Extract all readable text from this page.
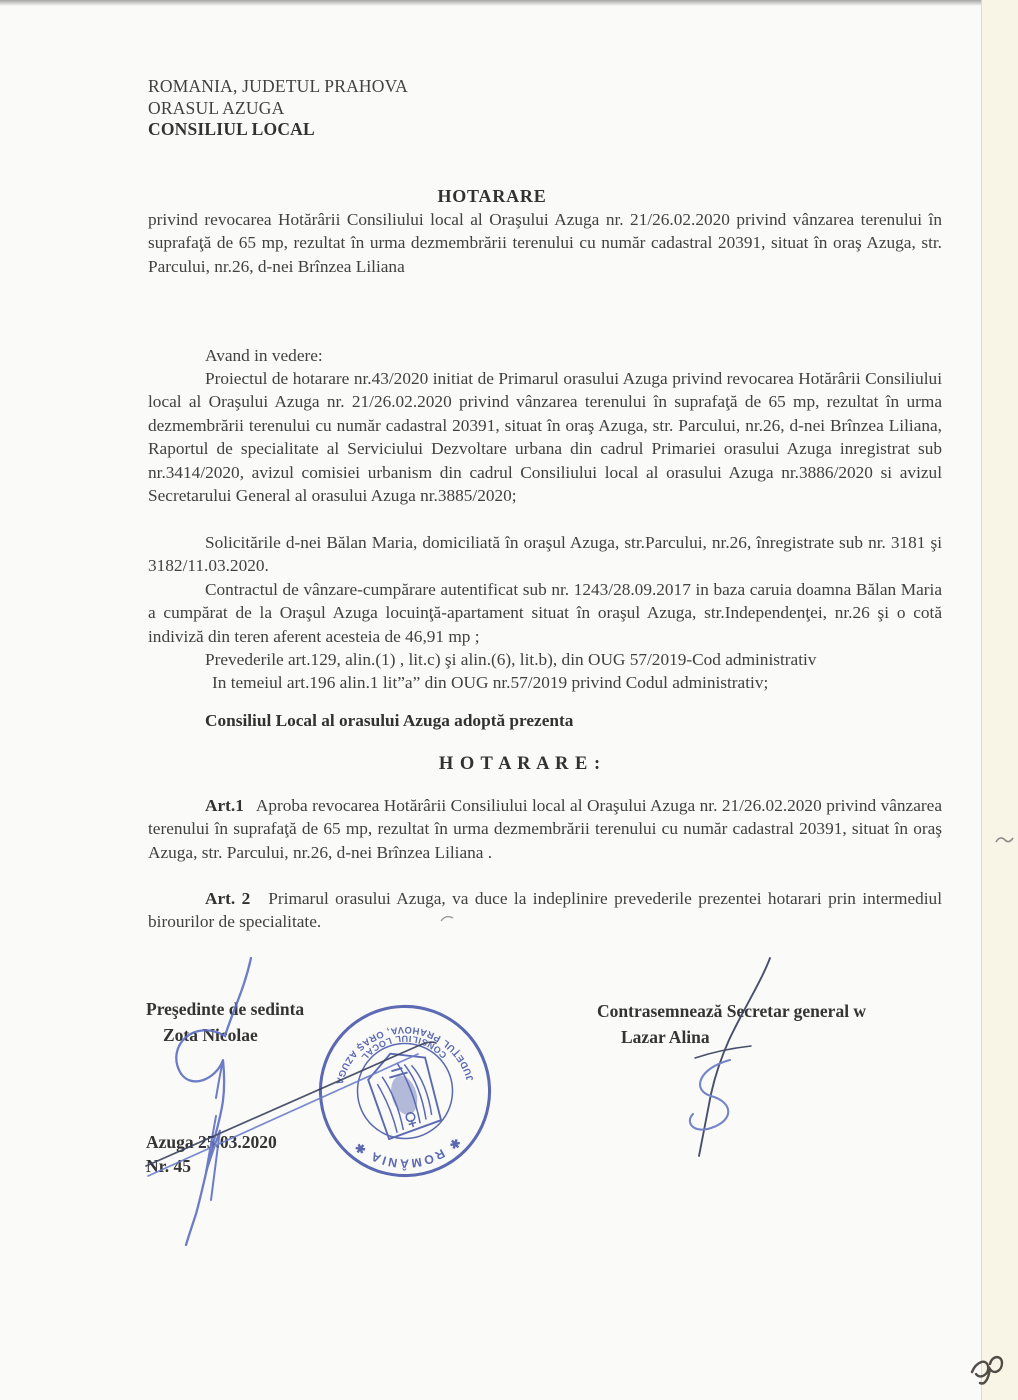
ROMANIA, JUDETUL PRAHOVA
ORASUL AZUGA
CONSILIUL LOCAL
HOTARARE

privind revocarea Hotărârii Consiliului local al Oraşului Azuga nr. 21/26.02.2020 privind vânzarea terenului în suprafaţă de 65 mp, rezultat în urma dezmembrării terenului cu număr cadastral 20391, situat în oraş Azuga, str. Parcului, nr.26, d-nei Brînzea Liliana

Avand in vedere:

Proiectul de hotarare nr.43/2020 initiat de Primarul orasului Azuga privind revocarea Hotărârii Consiliului local al Oraşului Azuga nr. 21/26.02.2020 privind vânzarea terenului în suprafaţă de 65 mp, rezultat în urma dezmembrării terenului cu număr cadastral 20391, situat în oraş Azuga, str. Parcului, nr.26, d-nei Brînzea Liliana, Raportul de specialitate al Serviciului Dezvoltare urbana din cadrul Primariei orasului Azuga inregistrat sub nr.3414/2020, avizul comisiei urbanism din cadrul Consiliului local al orasului Azuga nr.3886/2020 si avizul Secretarului General al orasului Azuga nr.3885/2020;

Solicitările d-nei Bălan Maria, domiciliată în oraşul Azuga, str.Parcului, nr.26, înregistrate sub nr. 3181 şi 3182/11.03.2020.

Contractul de vânzare-cumpărare autentificat sub nr. 1243/28.09.2017 in baza caruia doamna Bălan Maria a cumpărat de la Oraşul Azuga locuinţă-apartament situat în oraşul Azuga, str.Independenţei, nr.26 şi o cotă indiviză din teren aferent acesteia de 46,91 mp ;

Prevederile art.129, alin.(1) , lit.c) şi alin.(6), lit.b), din OUG 57/2019-Cod administrativ

In temeiul art.196 alin.1 lit”a” din OUG nr.57/2019 privind Codul administrativ;

Consiliul Local al orasului Azuga adoptă prezenta

H O T A R A R E :

Art.1 Aproba revocarea Hotărârii Consiliului local al Oraşului Azuga nr. 21/26.02.2020 privind vânzarea terenului în suprafaţă de 65 mp, rezultat în urma dezmembrării terenului cu număr cadastral 20391, situat în oraş Azuga, str. Parcului, nr.26, d-nei Brînzea Liliana .

Art. 2 Primarul orasului Azuga, va duce la indeplinire prevederile prezentei hotarari prin intermediul birourilor de specialitate.

Preşedinte de sedinta
Zota Nicolae
Contrasemnează Secretar general w
Lazar Alina
Azuga 25.03.2020
Nr. 45
JUDEŢUL PRAHOVA, ORAŞ AZUGA
CONSILIUL LOCAL
✱ ROMÂNIA ✱
